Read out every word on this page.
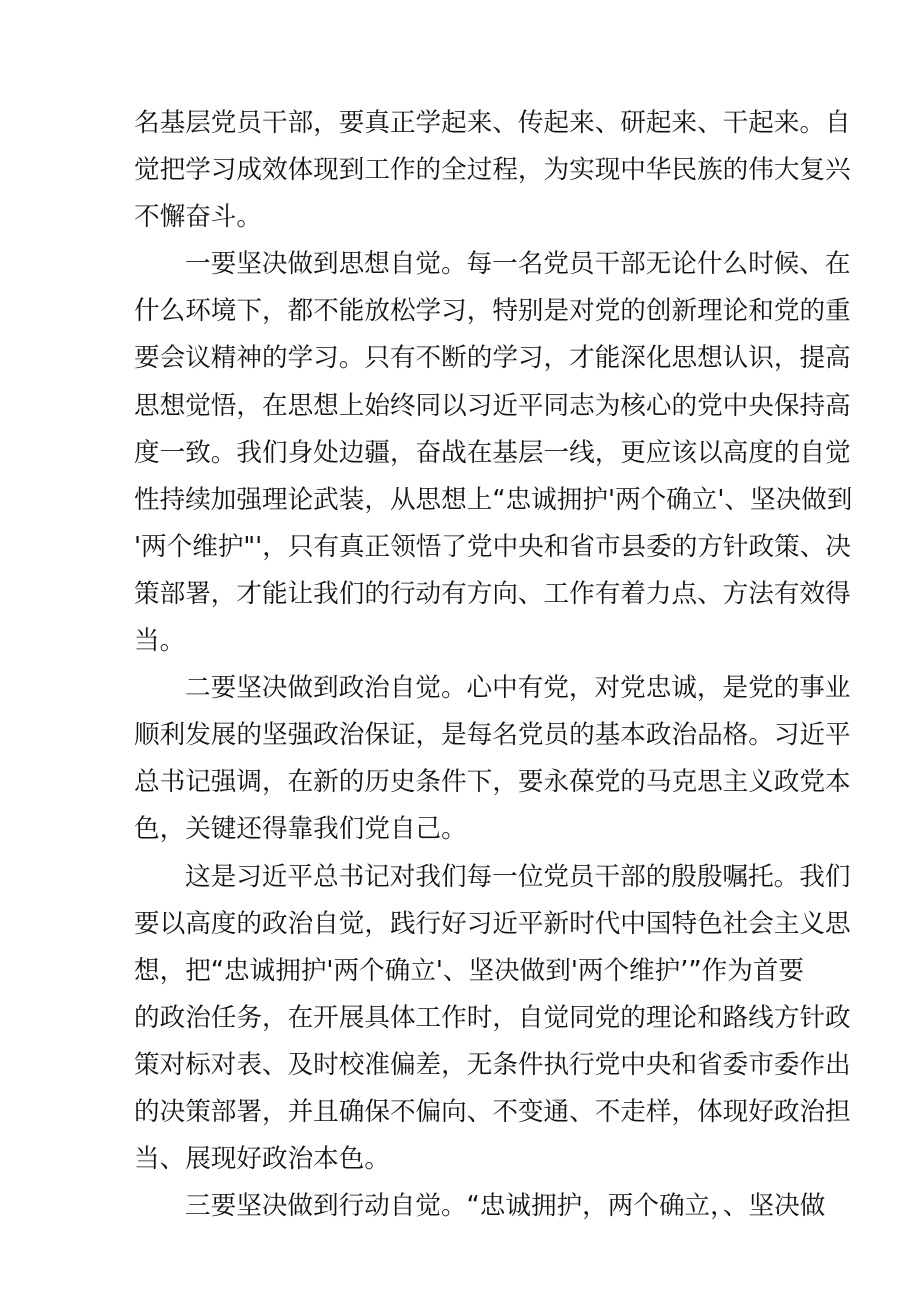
名基层党员干部，要真正学起来、传起来、研起来、干起来。自
觉把学习成效体现到工作的全过程，为实现中华民族的伟大复兴
不懈奋斗。

一要坚决做到思想自觉。每一名党员干部无论什么时候、在
什么环境下，都不能放松学习，特别是对党的创新理论和党的重
要会议精神的学习。只有不断的学习，才能深化思想认识，提高
思想觉悟，在思想上始终同以习近平同志为核心的党中央保持高
度一致。我们身处边疆，奋战在基层一线，更应该以高度的自觉
性持续加强理论武装，从思想上“忠诚拥护'两个确立'、坚决做到
'两个维护"'，只有真正领悟了党中央和省市县委的方针政策、决
策部署，才能让我们的行动有方向、工作有着力点、方法有效得
当。

二要坚决做到政治自觉。心中有党，对党忠诚，是党的事业
顺利发展的坚强政治保证，是每名党员的基本政治品格。习近平
总书记强调，在新的历史条件下，要永葆党的马克思主义政党本
色，关键还得靠我们党自己。

这是习近平总书记对我们每一位党员干部的殷殷嘱托。我们
要以高度的政治自觉，践行好习近平新时代中国特色社会主义思
想，把“忠诚拥护'两个确立'、坚决做到'两个维护’”作为首要
的政治任务，在开展具体工作时，自觉同党的理论和路线方针政
策对标对表、及时校准偏差，无条件执行党中央和省委市委作出
的决策部署，并且确保不偏向、不变通、不走样，体现好政治担
当、展现好政治本色。

三要坚决做到行动自觉。“忠诚拥护，两个确立，、坚决做
